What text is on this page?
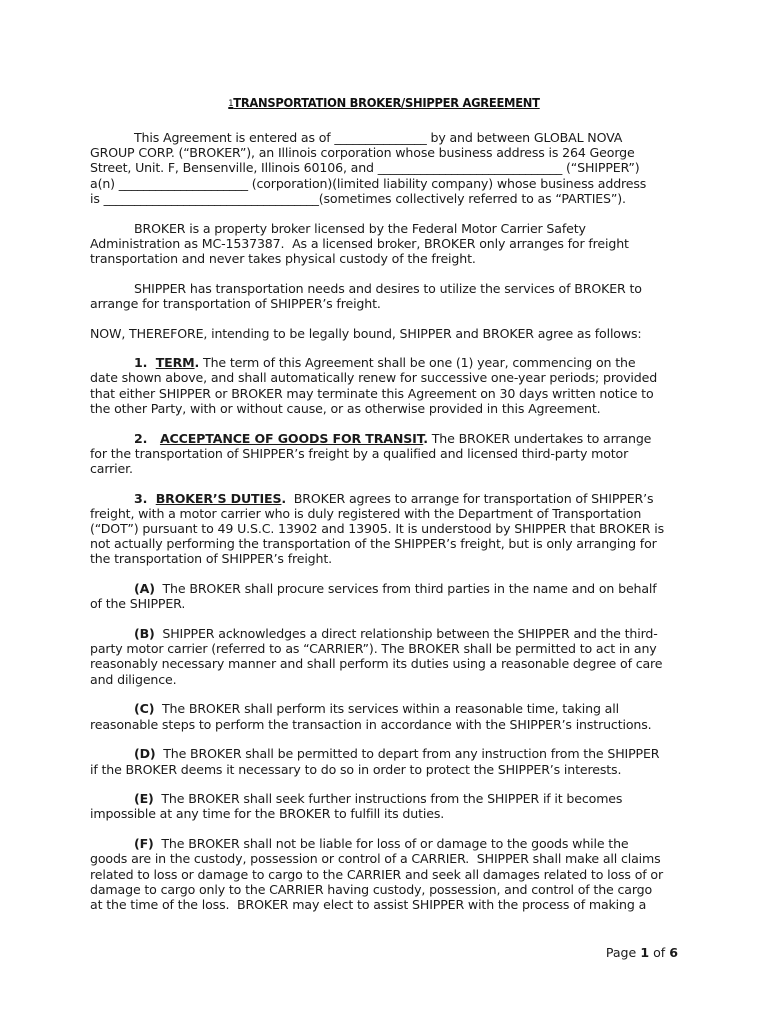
1TRANSPORTATION BROKER/SHIPPER AGREEMENT
This Agreement is entered as of _______________ by and between GLOBAL NOVA
GROUP CORP. (“BROKER”), an Illinois corporation whose business address is 264 George
Street, Unit. F, Bensenville, Illinois 60106, and ______________________________ (“SHIPPER”)
a(n) _____________________ (corporation)(limited liability company) whose business address
is ___________________________________(sometimes collectively referred to as “PARTIES”).
BROKER is a property broker licensed by the Federal Motor Carrier Safety
Administration as MC-1537387.  As a licensed broker, BROKER only arranges for freight
transportation and never takes physical custody of the freight.
SHIPPER has transportation needs and desires to utilize the services of BROKER to
arrange for transportation of SHIPPER’s freight.
NOW, THEREFORE, intending to be legally bound, SHIPPER and BROKER agree as follows:
1.  TERM. The term of this Agreement shall be one (1) year, commencing on the
date shown above, and shall automatically renew for successive one-year periods; provided
that either SHIPPER or BROKER may terminate this Agreement on 30 days written notice to
the other Party, with or without cause, or as otherwise provided in this Agreement.
2.   ACCEPTANCE OF GOODS FOR TRANSIT. The BROKER undertakes to arrange
for the transportation of SHIPPER’s freight by a qualified and licensed third-party motor
carrier.
3.  BROKER’S DUTIES.  BROKER agrees to arrange for transportation of SHIPPER’s
freight, with a motor carrier who is duly registered with the Department of Transportation
(“DOT”) pursuant to 49 U.S.C. 13902 and 13905. It is understood by SHIPPER that BROKER is
not actually performing the transportation of the SHIPPER’s freight, but is only arranging for
the transportation of SHIPPER’s freight.
(A)  The BROKER shall procure services from third parties in the name and on behalf
of the SHIPPER.
(B)  SHIPPER acknowledges a direct relationship between the SHIPPER and the third-
party motor carrier (referred to as “CARRIER”). The BROKER shall be permitted to act in any
reasonably necessary manner and shall perform its duties using a reasonable degree of care
and diligence.
(C)  The BROKER shall perform its services within a reasonable time, taking all
reasonable steps to perform the transaction in accordance with the SHIPPER’s instructions.
(D)  The BROKER shall be permitted to depart from any instruction from the SHIPPER
if the BROKER deems it necessary to do so in order to protect the SHIPPER’s interests.
(E)  The BROKER shall seek further instructions from the SHIPPER if it becomes
impossible at any time for the BROKER to fulfill its duties.
(F)  The BROKER shall not be liable for loss of or damage to the goods while the
goods are in the custody, possession or control of a CARRIER.  SHIPPER shall make all claims
related to loss or damage to cargo to the CARRIER and seek all damages related to loss of or
damage to cargo only to the CARRIER having custody, possession, and control of the cargo
at the time of the loss.  BROKER may elect to assist SHIPPER with the process of making a
Page 1 of 6
